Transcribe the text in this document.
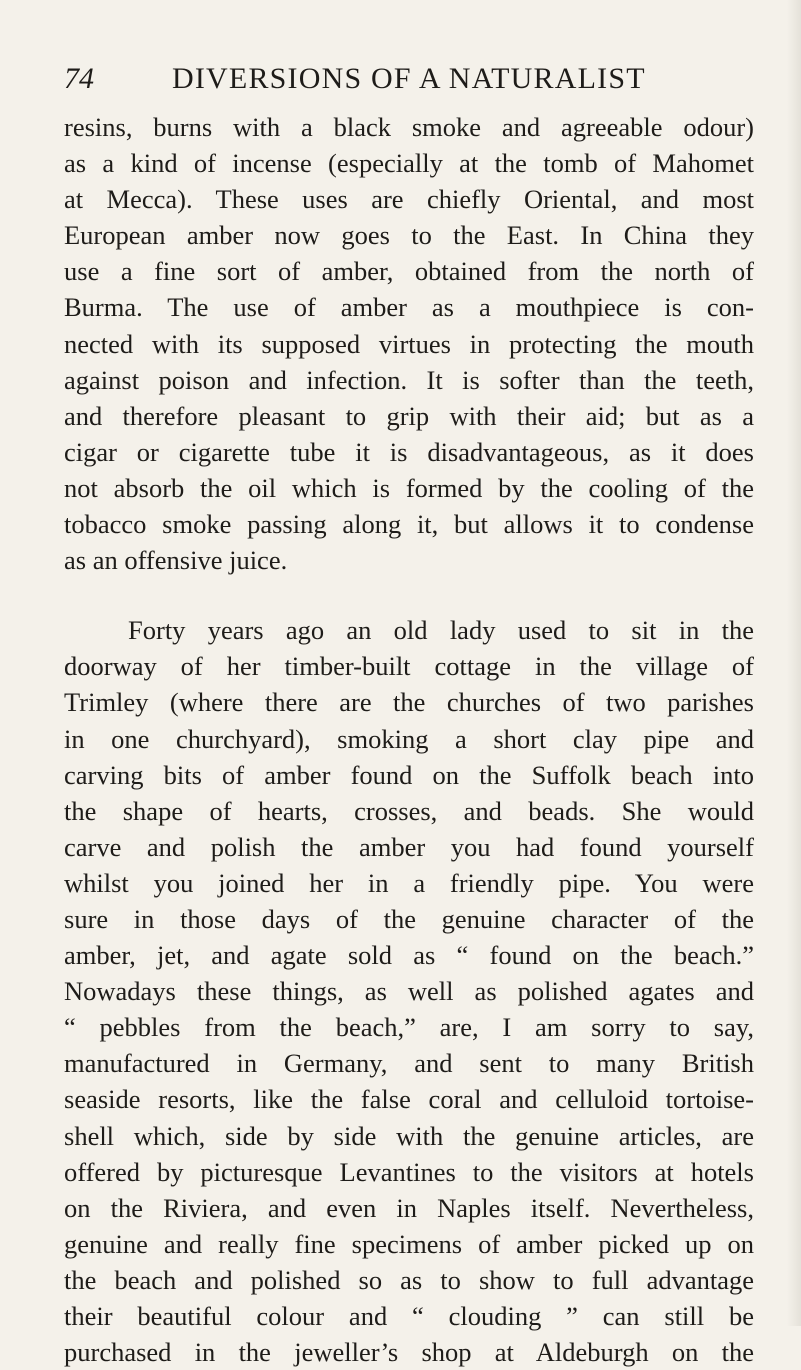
74	DIVERSIONS OF A NATURALIST
resins, burns with a black smoke and agreeable odour)
as a kind of incense (especially at the tomb of Mahomet
at Mecca). These uses are chiefly Oriental, and most
European amber now goes to the East. In China they
use a fine sort of amber, obtained from the north of
Burma. The use of amber as a mouthpiece is con-
nected with its supposed virtues in protecting the mouth
against poison and infection. It is softer than the teeth,
and therefore pleasant to grip with their aid; but as a
cigar or cigarette tube it is disadvantageous, as it does
not absorb the oil which is formed by the cooling of the
tobacco smoke passing along it, but allows it to condense
as an offensive juice.
Forty years ago an old lady used to sit in the
doorway of her timber-built cottage in the village of
Trimley (where there are the churches of two parishes
in one churchyard), smoking a short clay pipe and
carving bits of amber found on the Suffolk beach into
the shape of hearts, crosses, and beads. She would
carve and polish the amber you had found yourself
whilst you joined her in a friendly pipe. You were
sure in those days of the genuine character of the
amber, jet, and agate sold as “ found on the beach.”
Nowadays these things, as well as polished agates and
“ pebbles from the beach,” are, I am sorry to say,
manufactured in Germany, and sent to many British
seaside resorts, like the false coral and celluloid tortoise-
shell which, side by side with the genuine articles, are
offered by picturesque Levantines to the visitors at hotels
on the Riviera, and even in Naples itself. Nevertheless,
genuine and really fine specimens of amber picked up on
the beach and polished so as to show to full advantage
their beautiful colour and “ clouding ” can still be
purchased in the jeweller’s shop at Aldeburgh on the
